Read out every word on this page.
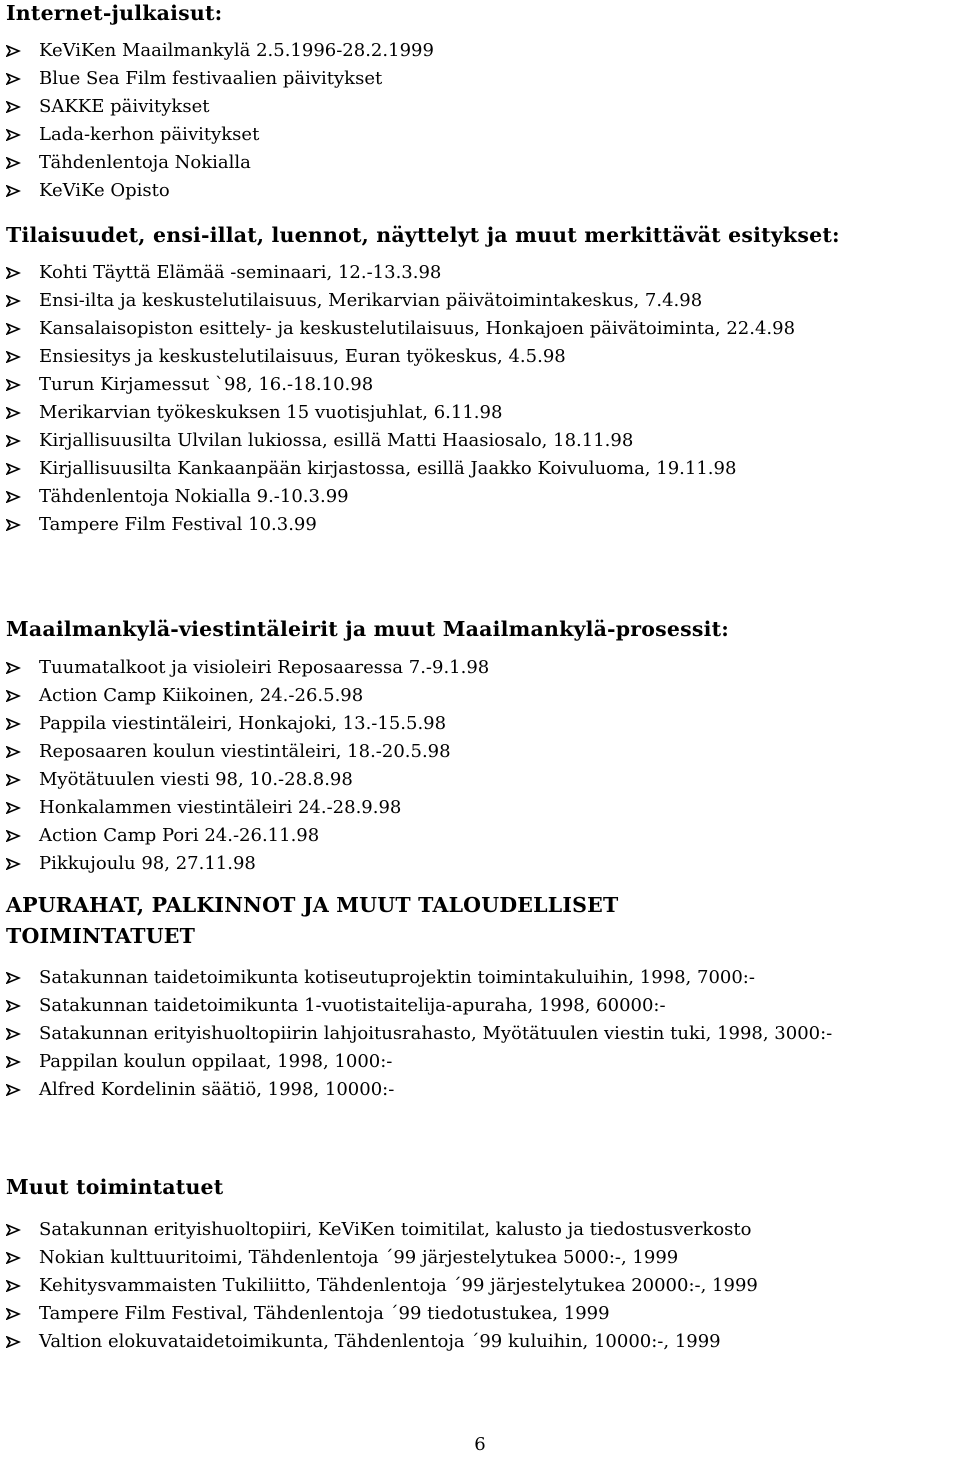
Internet-julkaisut:
KeViKen Maailmankylä 2.5.1996-28.2.1999
Blue Sea Film festivaalien päivitykset
SAKKE päivitykset
Lada-kerhon päivitykset
Tähdenlentoja Nokialla
KeViKe Opisto
Tilaisuudet, ensi-illat, luennot, näyttelyt ja muut merkittävät esitykset:
Kohti Täyttä Elämää -seminaari, 12.-13.3.98
Ensi-ilta ja keskustelutilaisuus, Merikarvian päivätoimintakeskus, 7.4.98
Kansalaisopiston esittely- ja keskustelutilaisuus, Honkajoen päivätoiminta, 22.4.98
Ensiesitys ja keskustelutilaisuus, Euran työkeskus, 4.5.98
Turun Kirjamessut `98, 16.-18.10.98
Merikarvian työkeskuksen 15 vuotisjuhlat, 6.11.98
Kirjallisuusilta Ulvilan lukiossa, esillä Matti Haasiosalo, 18.11.98
Kirjallisuusilta Kankaanpään kirjastossa, esillä Jaakko Koivuluoma, 19.11.98
Tähdenlentoja Nokialla 9.-10.3.99
Tampere Film Festival 10.3.99
Maailmankylä-viestintäleirit ja muut Maailmankylä-prosessit:
Tuumatalkoot ja visioleiri Reposaaressa 7.-9.1.98
Action Camp Kiikoinen, 24.-26.5.98
Pappila viestintäleiri, Honkajoki, 13.-15.5.98
Reposaaren koulun viestintäleiri, 18.-20.5.98
Myötätuulen viesti 98, 10.-28.8.98
Honkalammen viestintäleiri 24.-28.9.98
Action Camp Pori 24.-26.11.98
Pikkujoulu 98, 27.11.98
APURAHAT, PALKINNOT JA MUUT TALOUDELLISET TOIMINTATUET
Satakunnan taidetoimikunta kotiseutuprojektin toimintakuluihin, 1998, 7000:-
Satakunnan taidetoimikunta 1-vuotistaitelija-apuraha, 1998, 60000:-
Satakunnan erityishuoltopiirin lahjoitusrahasto, Myötätuulen viestin tuki, 1998, 3000:-
Pappilan koulun oppilaat, 1998, 1000:-
Alfred Kordelinin säätiö, 1998, 10000:-
Muut toimintatuet
Satakunnan erityishuoltopiiri, KeViKen toimitilat, kalusto ja tiedostusverkosto
Nokian kulttuuritoimi, Tähdenlentoja ´99 järjestelytukea 5000:-, 1999
Kehitysvammaisten Tukiliitto, Tähdenlentoja ´99 järjestelytukea 20000:-, 1999
Tampere Film Festival, Tähdenlentoja ´99 tiedotustukea, 1999
Valtion elokuvataidetoimikunta, Tähdenlentoja ´99 kuluihin, 10000:-, 1999
6
